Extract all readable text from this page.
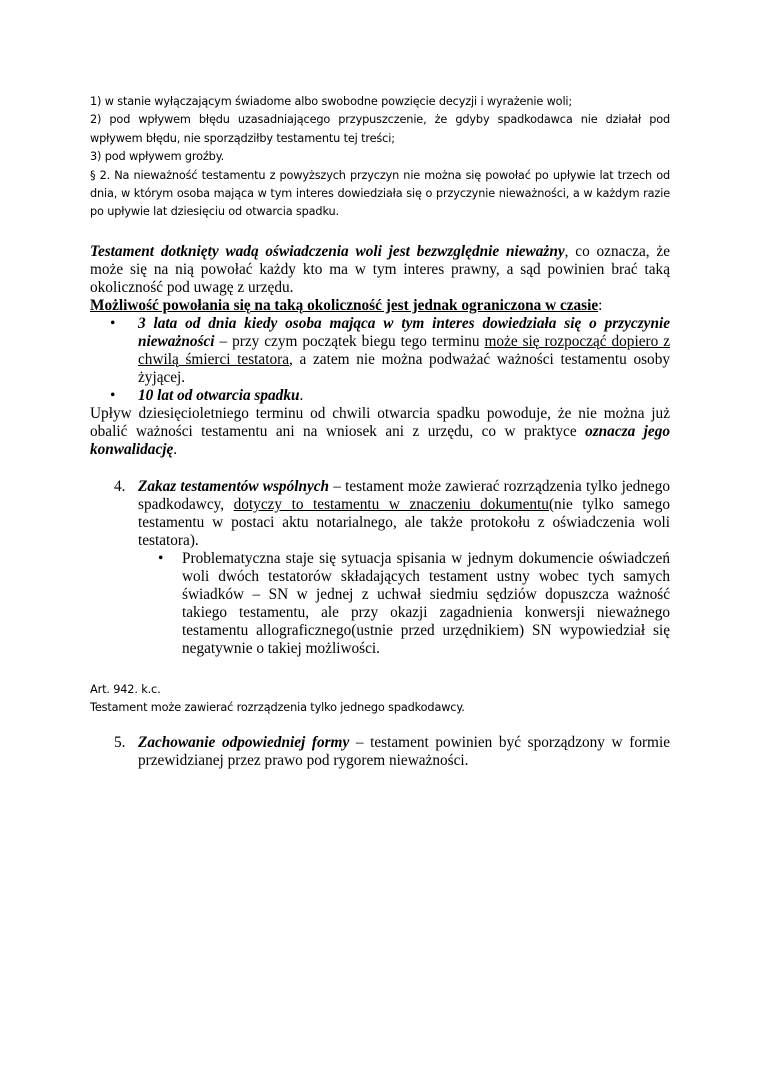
1) w stanie wyłączającym świadome albo swobodne powzięcie decyzji i wyrażenie woli;

2) pod wpływem błędu uzasadniającego przypuszczenie, że gdyby spadkodawca nie działał pod wpływem błędu, nie sporządziłby testamentu tej treści;

3) pod wpływem groźby.

§ 2. Na nieważność testamentu z powyższych przyczyn nie można się powołać po upływie lat trzech od dnia, w którym osoba mająca w tym interes dowiedziała się o przyczynie nieważności, a w każdym razie po upływie lat dziesięciu od otwarcia spadku.

Testament dotknięty wadą oświadczenia woli jest bezwzględnie nieważny, co oznacza, że może się na nią powołać każdy kto ma w tym interes prawny, a sąd powinien brać taką okoliczność pod uwagę z urzędu.

Możliwość powołania się na taką okoliczność jest jednak ograniczona w czasie:

• 3 lata od dnia kiedy osoba mająca w tym interes dowiedziała się o przyczynie nieważności – przy czym początek biegu tego terminu może się rozpocząć dopiero z chwilą śmierci testatora, a zatem nie można podważać ważności testamentu osoby żyjącej.
• 10 lat od otwarcia spadku.

Upływ dziesięcioletniego terminu od chwili otwarcia spadku powoduje, że nie można już obalić ważności testamentu ani na wniosek ani z urzędu, co w praktyce oznacza jego konwalidację.

4. Zakaz testamentów wspólnych – testament może zawierać rozrządzenia tylko jednego spadkodawcy, dotyczy to testamentu w znaczeniu dokumentu(nie tylko samego testamentu w postaci aktu notarialnego, ale także protokołu z oświadczenia woli testatora).
• Problematyczna staje się sytuacja spisania w jednym dokumencie oświadczeń woli dwóch testatorów składających testament ustny wobec tych samych świadków – SN w jednej z uchwał siedmiu sędziów dopuszcza ważność takiego testamentu, ale przy okazji zagadnienia konwersji nieważnego testamentu allograficznego(ustnie przed urzędnikiem) SN wypowiedział się negatywnie o takiej możliwości.

Art. 942. k.c.

Testament może zawierać rozrządzenia tylko jednego spadkodawcy.

5. Zachowanie odpowiedniej formy – testament powinien być sporządzony w formie przewidzianej przez prawo pod rygorem nieważności.
